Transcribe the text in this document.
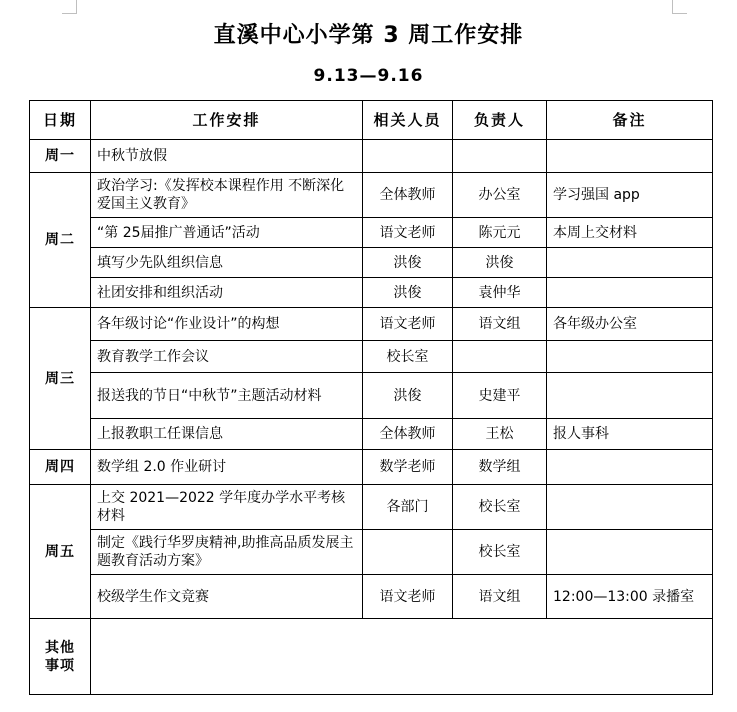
直溪中心小学第 3 周工作安排
9.13—9.16
日期	工作安排	相关人员	负责人	备注
周一	中秋节放假			
周二	政治学习:《发挥校本课程作用 不断深化爱国主义教育》	全体教师	办公室	学习强国 app
	“第 25届推广普通话”活动	语文老师	陈元元	本周上交材料
	填写少先队组织信息	洪俊	洪俊	
	社团安排和组织活动	洪俊	袁仲华	
周三	各年级讨论“作业设计”的构想	语文老师	语文组	各年级办公室
	教育教学工作会议	校长室		
	报送我的节日“中秋节”主题活动材料	洪俊	史建平	
	上报教职工任课信息	全体教师	王松	报人事科
周四	数学组 2.0 作业研讨	数学老师	数学组	
周五	上交 2021—2022 学年度办学水平考核材料	各部门	校长室	
	制定《践行华罗庚精神,助推高品质发展主题教育活动方案》		校长室	
	校级学生作文竞赛	语文老师	语文组	12:00—13:00 录播室
其他
事项				
